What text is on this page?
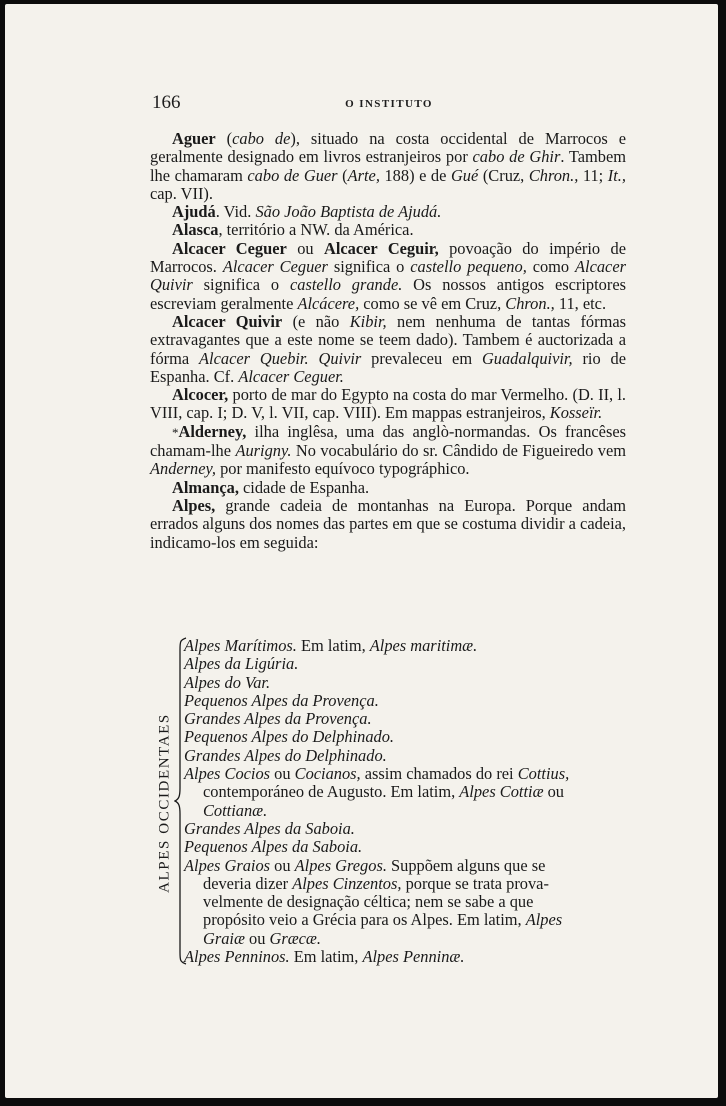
166	O INSTITUTO

Aguer (cabo de), situado na costa occidental de Marrocos e geralmente designado em livros estranjeiros por cabo de Ghir. Tambem lhe chamaram cabo de Guer (Arte, 188) e de Gué (Cruz, Chron., 11; It., cap. VII).

Ajudá. Vid. São João Baptista de Ajudá.

Alasca, território a NW. da América.

Alcacer Ceguer ou Alcacer Ceguir, povoação do império de Marrocos. Alcacer Ceguer significa o castello pequeno, como Alcacer Quivir significa o castello grande. Os nossos antigos escriptores escreviam geralmente Alcácere, como se vê em Cruz, Chron., 11, etc.

Alcacer Quivir (e não Kibir, nem nenhuma de tantas fórmas extravagantes que a este nome se teem dado). Tambem é auctorizada a fórma Alcacer Quebir. Quivir prevaleceu em Guadalquivir, rio de Espanha. Cf. Alcacer Ceguer.

Alcocer, porto de mar do Egypto na costa do mar Vermelho. (D. II, l. VIII, cap. I; D. V, l. VII, cap. VIII). Em mappas estranjeiros, Kosseïr.

*Alderney, ilha inglêsa, uma das anglò-normandas. Os francêses chamam-lhe Aurigny. No vocabulário do sr. Cândido de Figueiredo vem Anderney, por manifesto equívoco typográphico.

Almança, cidade de Espanha.

Alpes, grande cadeia de montanhas na Europa. Porque andam errados alguns dos nomes das partes em que se costuma dividir a cadeia, indicamo-los em seguida:

ALPES OCCIDENTAES

Alpes Marítimos. Em latim, Alpes maritimæ.

Alpes da Ligúria.

Alpes do Var.

Pequenos Alpes da Provença.

Grandes Alpes da Provença.

Pequenos Alpes do Delphinado.

Grandes Alpes do Delphinado.

Alpes Cocios ou Cocianos, assim chamados do rei Cottius,

contemporáneo de Augusto. Em latim, Alpes Cottiæ ou

Cottianæ.

Grandes Alpes da Saboia.

Pequenos Alpes da Saboia.

Alpes Graios ou Alpes Gregos. Suppõem alguns que se

deveria dizer Alpes Cinzentos, porque se trata prova-

velmente de designação céltica; nem se sabe a que

propósito veio a Grécia para os Alpes. Em latim, Alpes

Graiæ ou Græcæ.

Alpes Penninos. Em latim, Alpes Penninæ.
